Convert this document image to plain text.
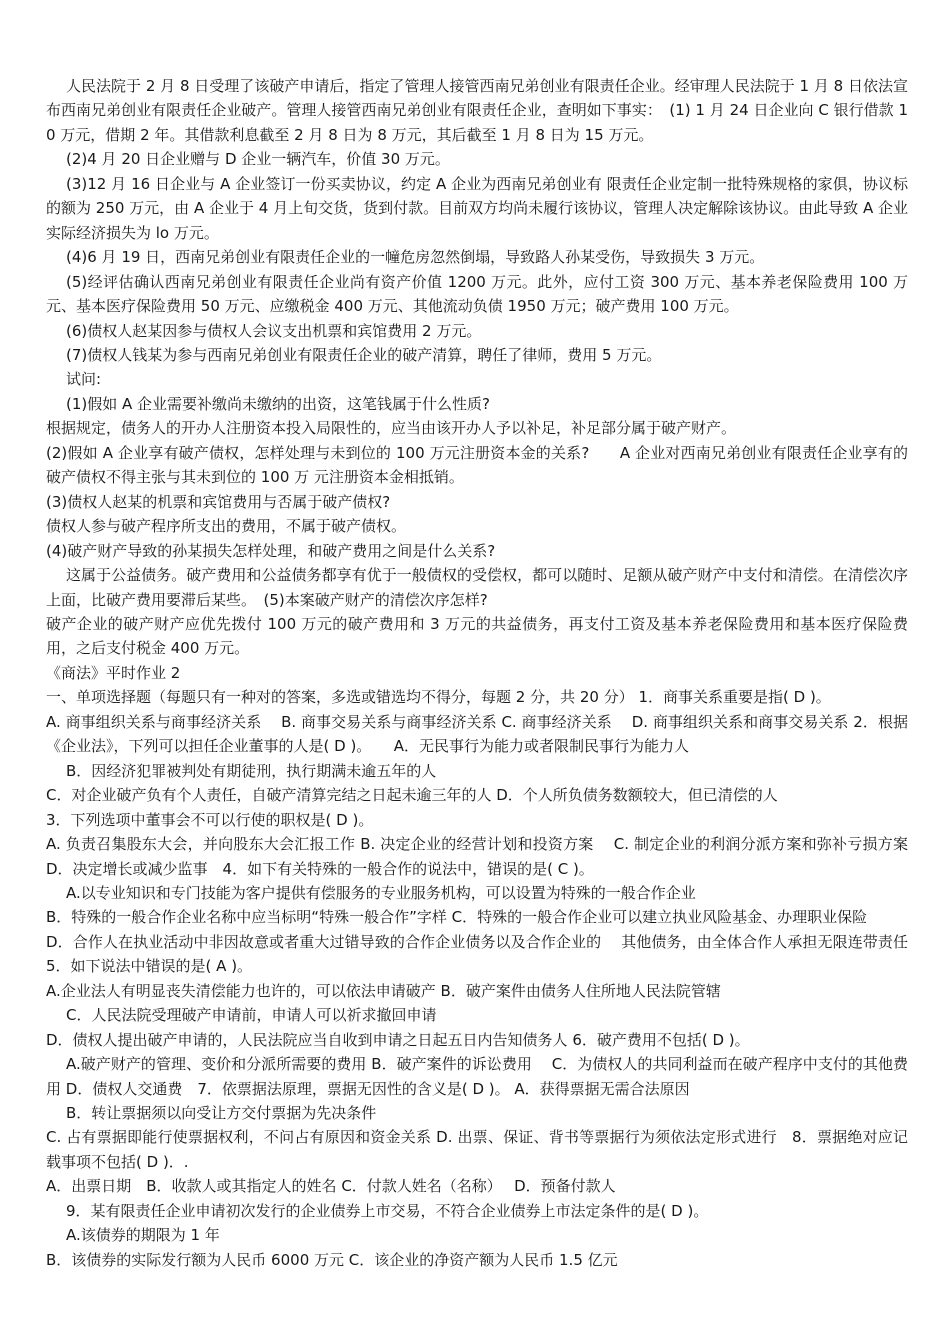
人民法院于 2 月 8 日受理了该破产申请后，指定了管理人接管西南兄弟创业有限责任企业。经审理人民法院于 1 月 8 日依法宣布西南兄弟创业有限责任企业破产。管理人接管西南兄弟创业有限责任企业，查明如下事实：　(1) 1 月 24 日企业向 C 银行借款 10 万元，借期 2 年。其借款利息截至 2 月 8 日为 8 万元，其后截至 1 月 8 日为 15 万元。

(2)4 月 20 日企业赠与 D 企业一辆汽车，价值 30 万元。

(3)12 月 16 日企业与 A 企业签订一份买卖协议，约定 A 企业为西南兄弟创业有 限责任企业定制一批特殊规格的家俱，协议标的额为 250 万元，由 A 企业于 4 月上旬交货，货到付款。目前双方均尚未履行该协议，管理人决定解除该协议。由此导致 A 企业实际经济损失为 lo 万元。

(4)6 月 19 日，西南兄弟创业有限责任企业的一幢危房忽然倒塌，导致路人孙某受伤，导致损失 3 万元。

(5)经评估确认西南兄弟创业有限责任企业尚有资产价值 1200 万元。此外，应付工资 300 万元、基本养老保险费用 100 万元、基本医疗保险费用 50 万元、应缴税金 400 万元、其他流动负债 1950 万元；破产费用 100 万元。

(6)债权人赵某因参与债权人会议支出机票和宾馆费用 2 万元。

(7)债权人钱某为参与西南兄弟创业有限责任企业的破产清算，聘任了律师，费用 5 万元。

试问:

(1)假如 A 企业需要补缴尚未缴纳的出资，这笔钱属于什么性质?

根据规定，债务人的开办人注册资本投入局限性的，应当由该开办人予以补足，补足部分属于破产财产。

(2)假如 A 企业享有破产债权，怎样处理与未到位的 100 万元注册资本金的关系?　　A 企业对西南兄弟创业有限责任企业享有的破产债权不得主张与其未到位的 100 万 元注册资本金相抵销。

(3)债权人赵某的机票和宾馆费用与否属于破产债权?

债权人参与破产程序所支出的费用，不属于破产债权。

(4)破产财产导致的孙某损失怎样处理，和破产费用之间是什么关系?

这属于公益债务。破产费用和公益债务都享有优于一般债权的受偿权，都可以随时、足额从破产财产中支付和清偿。在清偿次序上面，比破产费用要滞后某些。　(5)本案破产财产的清偿次序怎样?

破产企业的破产财产应优先拨付 100 万元的破产费用和 3 万元的共益债务，再支付工资及基本养老保险费用和基本医疗保险费用，之后支付税金 400 万元。

《商法》平时作业 2

一、单项选择题（每题只有一种对的答案，多选或错选均不得分，每题 2 分，共 20 分） 1．商事关系重要是指( D )。

A. 商事组织关系与商事经济关系　 B. 商事交易关系与商事经济关系 C. 商事经济关系　 D. 商事组织关系和商事交易关系 2．根据《企业法》，下列可以担任企业董事的人是( D )。　　A．无民事行为能力或者限制民事行为能力人

B．因经济犯罪被判处有期徒刑，执行期满未逾五年的人

C．对企业破产负有个人责任，自破产清算完结之日起未逾三年的人 D．个人所负债务数额较大，但已清偿的人

3．下列选项中董事会不可以行使的职权是( D )。

A. 负责召集股东大会，并向股东大会汇报工作 B. 决定企业的经营计划和投资方案　 C. 制定企业的利润分派方案和弥补亏损方案 D．决定增长或减少监事　4．如下有关特殊的一般合作的说法中，错误的是( C )。

A.以专业知识和专门技能为客户提供有偿服务的专业服务机构，可以设置为特殊的一般合作企业

B．特殊的一般合作企业名称中应当标明“特殊一般合作”字样 C．特殊的一般合作企业可以建立执业风险基金、办理职业保险

D．合作人在执业活动中非因故意或者重大过错导致的合作企业债务以及合作企业的　 其他债务，由全体合作人承担无限连带责任　5．如下说法中错误的是( A )。

A.企业法人有明显丧失清偿能力也许的，可以依法申请破产 B．破产案件由债务人住所地人民法院管辖

C．人民法院受理破产申请前，申请人可以祈求撤回申请

D．债权人提出破产申请的，人民法院应当自收到申请之日起五日内告知债务人 6．破产费用不包括( D )。

A.破产财产的管理、变价和分派所需要的费用 B．破产案件的诉讼费用　 C．为债权人的共同利益而在破产程序中支付的其他费用 D．债权人交通费　7．依票据法原理，票据无因性的含义是( D )。 A．获得票据无需合法原因

B．转让票据须以向受让方交付票据为先决条件

C. 占有票据即能行使票据权利，不问占有原因和资金关系 D. 出票、保证、背书等票据行为须依法定形式进行　8．票据绝对应记载事项不包括( D )．.

A．出票日期　B．收款人或其指定人的姓名 C．付款人姓名（名称）　 D．预备付款人

9．某有限责任企业申请初次发行的企业债券上市交易，不符合企业债券上市法定条件的是( D )。

A.该债券的期限为 1 年

B．该债券的实际发行额为人民币 6000 万元 C．该企业的净资产额为人民币 1.5 亿元
